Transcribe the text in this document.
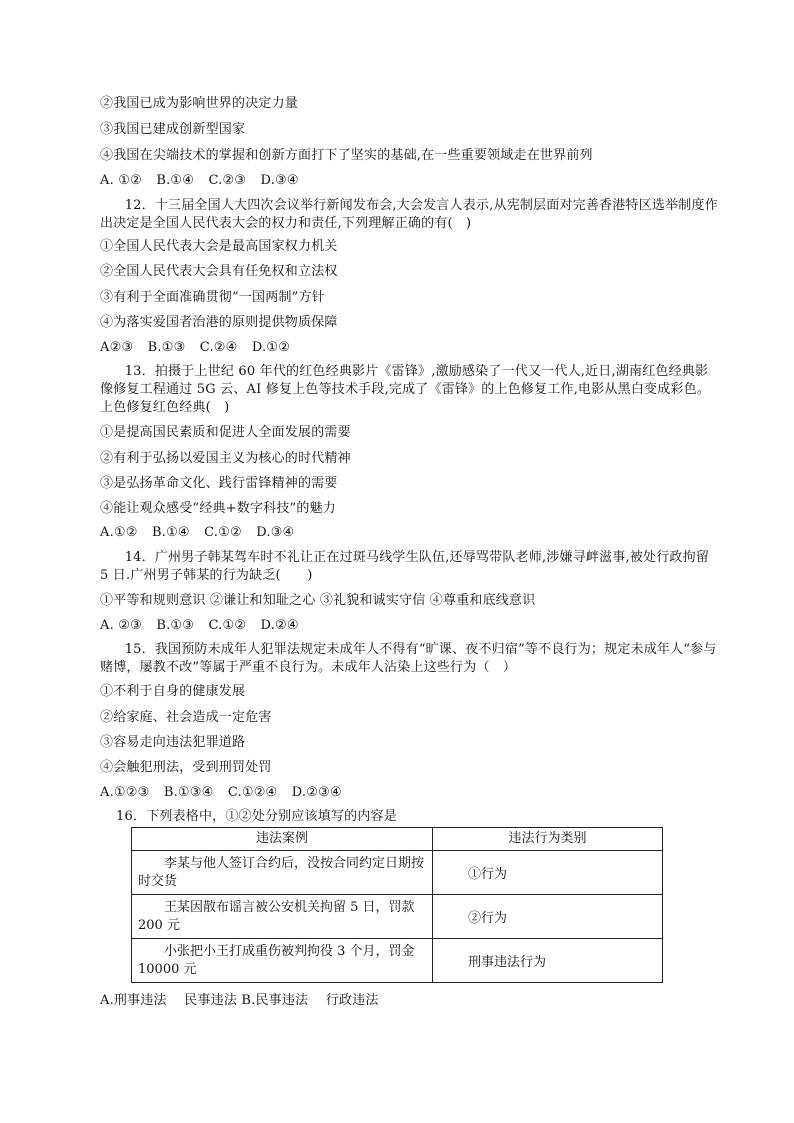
②我国已成为影响世界的决定力量
③我国已建成创新型国家
④我国在尖端技术的掌握和创新方面打下了坚实的基础,在一些重要领域走在世界前列
A. ①② B.①④ C.②③ D.③④
12．十三届全国人大四次会议举行新闻发布会,大会发言人表示,从宪制层面对完善香港特区选举制度作出决定是全国人民代表大会的权力和责任,下列理解正确的有(　)
①全国人民代表大会是最高国家权力机关
②全国人民代表大会具有任免权和立法权
③有利于全面准确贯彻”一国两制”方针
④为落实爱国者治港的原则提供物质保障
A②③ B.①③ C.②④ D.①②
13．拍摄于上世纪 60 年代的红色经典影片《雷锋》,激励感染了一代又一代人,近日,湖南红色经典影像修复工程通过 5G 云、AI 修复上色等技术手段,完成了《雷锋》的上色修复工作,电影从黑白变成彩色。上色修复红色经典(　)
①是提高国民素质和促进人全面发展的需要
②有利于弘扬以爱国主义为核心的时代精神
③是弘扬革命文化、践行雷锋精神的需要
④能让观众感受“经典+数字科技”的魅力
A.①② B.①④ C.①② D.③④
14．广州男子韩某驾车时不礼让正在过斑马线学生队伍,还辱骂带队老师,涉嫌寻衅滋事,被处行政拘留 5 日.广州男子韩某的行为缺乏(　　)
①平等和规则意识 ②谦让和知耻之心 ③礼貌和诚实守信 ④尊重和底线意识
A. ②③ B.①③ C.①② D.②④
15．我国预防未成年人犯罪法规定未成年人不得有“旷课、夜不归宿”等不良行为；规定未成年人“参与赌博，屡教不改”等属于严重不良行为。未成年人沾染上这些行为（　）
①不利于自身的健康发展
②给家庭、社会造成一定危害
③容易走向违法犯罪道路
④会触犯刑法，受到刑罚处罚
A.①②③ B.①③④ C.①②④ D.②③④
16．下列表格中，①②处分别应该填写的内容是
违法案例	违法行为类别

李某与他人签订合约后，没按合同约定日期按时交货	①行为

王某因散布谣言被公安机关拘留 5 日，罚款 200 元	②行为

小张把小王打成重伤被判拘役 3 个月，罚金 10000 元	刑事违法行为
A.刑事违法　 民事违法 B.民事违法　 行政违法
